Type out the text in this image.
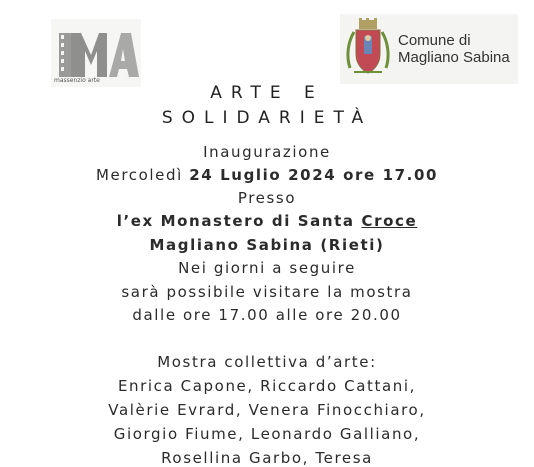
massenzio arte
Comune di
Magliano Sabina
ARTE E
SOLIDARIETÀ
Inaugurazione
Mercoledì 24 Luglio 2024 ore 17.00
Presso
l’ex Monastero di Santa Croce
Magliano Sabina (Rieti)
Nei giorni a seguire
sarà possibile visitare la mostra
dalle ore 17.00 alle ore 20.00
Mostra collettiva d’arte:
Enrica Capone, Riccardo Cattani,
Valèrie Evrard, Venera Finocchiaro,
Giorgio Fiume, Leonardo Galliano,
Rosellina Garbo, Teresa
